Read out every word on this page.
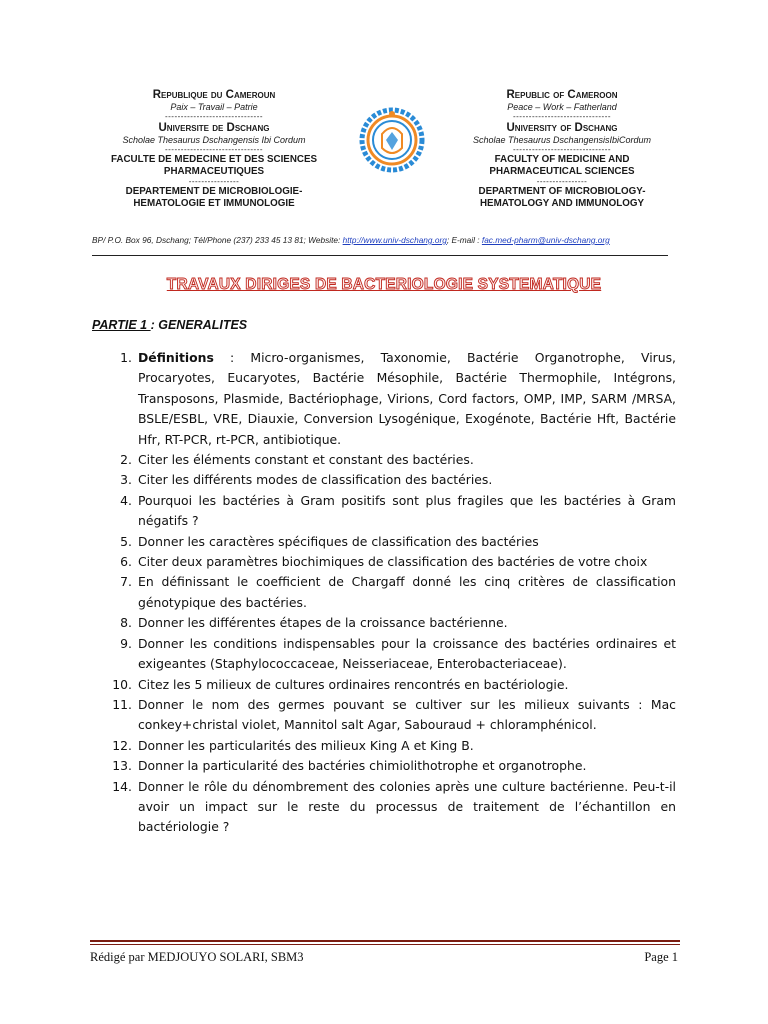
Republique du Cameroun
Paix – Travail – Patrie
-------------------------------
Universite de Dschang
Scholae Thesaurus Dschangensis Ibi Cordum
-------------------------------
FACULTE DE MEDECINE ET DES SCIENCES
PHARMACEUTIQUES
----------------
DEPARTEMENT DE MICROBIOLOGIE-
HEMATOLOGIE ET IMMUNOLOGIE
Republic of Cameroon
Peace – Work – Fatherland
-------------------------------
University of Dschang
Scholae Thesaurus DschangensisIbiCordum
-------------------------------
FACULTY OF MEDICINE AND
PHARMACEUTICAL SCIENCES
----------------
DEPARTMENT OF MICROBIOLOGY-
HEMATOLOGY AND IMMUNOLOGY
BP/ P.O. Box 96, Dschang; Tél/Phone (237) 233 45 13 81; Website: http://www.univ-dschang.org; E-mail : fac.med-pharm@univ-dschang.org
TRAVAUX DIRIGES DE BACTERIOLOGIE SYSTEMATIQUE
PARTIE 1 : GENERALITES
1. Définitions : Micro-organismes, Taxonomie, Bactérie Organotrophe, Virus, Procaryotes, Eucaryotes, Bactérie Mésophile, Bactérie Thermophile, Intégrons, Transposons, Plasmide, Bactériophage, Virions, Cord factors, OMP, IMP, SARM /MRSA, BSLE/ESBL, VRE, Diauxie, Conversion Lysogénique, Exogénote, Bactérie Hft, Bactérie Hfr, RT-PCR, rt-PCR, antibiotique.
2. Citer les éléments constant et constant des bactéries.
3. Citer les différents modes de classification des bactéries.
4. Pourquoi les bactéries à Gram positifs sont plus fragiles que les bactéries à Gram négatifs ?
5. Donner les caractères spécifiques de classification des bactéries
6. Citer deux paramètres biochimiques de classification des bactéries de votre choix
7. En définissant le coefficient de Chargaff donné les cinq critères de classification génotypique des bactéries.
8. Donner les différentes étapes de la croissance bactérienne.
9. Donner les conditions indispensables pour la croissance des bactéries ordinaires et exigeantes (Staphylococcaceae, Neisseriaceae, Enterobacteriaceae).
10. Citez les 5 milieux de cultures ordinaires rencontrés en bactériologie.
11. Donner le nom des germes pouvant se cultiver sur les milieux suivants : Mac conkey+christal violet, Mannitol salt Agar, Sabouraud + chloramphénicol.
12. Donner les particularités des milieux King A et King B.
13. Donner la particularité des bactéries chimiolithotrophe et organotrophe.
14. Donner le rôle du dénombrement des colonies après une culture bactérienne. Peu-t-il avoir un impact sur le reste du processus de traitement de l’échantillon en bactériologie ?
Rédigé par MEDJOUYO SOLARI, SBM3	Page 1
